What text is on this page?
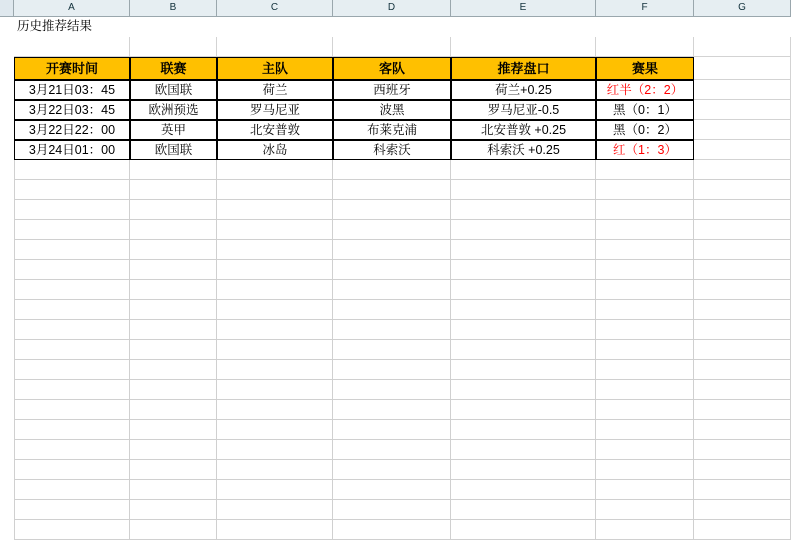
A	B	C	D	E	F	G
历史推荐结果
开赛时间	联赛	主队	客队	推荐盘口	赛果
3月21日03：45	欧国联	荷兰	西班牙	荷兰+0.25	红半（2：2）
3月22日03：45	欧洲预选	罗马尼亚	波黑	罗马尼亚-0.5	黑（0：1）
3月22日22：00	英甲	北安普敦	布莱克浦	北安普敦 +0.25	黑（0：2）
3月24日01：00	欧国联	冰岛	科索沃	科索沃 +0.25	红（1：3）
